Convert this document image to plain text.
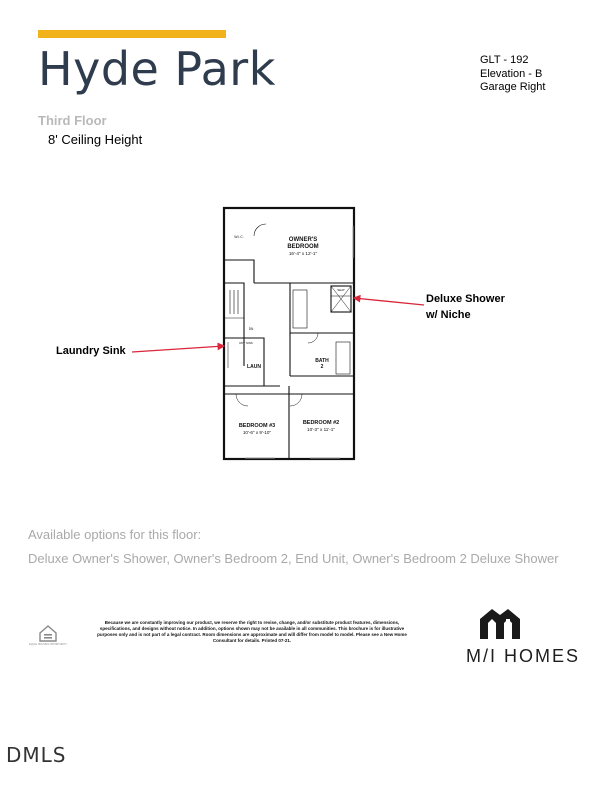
Hyde Park
Third Floor
8' Ceiling Height
GLT - 192
Elevation - B
Garage Right
OWNER'S
BEDROOM
16'-4" x 12'-1"
W.I.C.
SEAT
BATH
2
LAUN
OPT SINK
DN
BEDROOM #3
10'-6" x 9'-10"
BEDROOM #2
10'-3" x 11'-1"
Deluxe Shower
w/ Niche
Laundry Sink
Available options for this floor:
Deluxe Owner's Shower, Owner's Bedroom 2, End Unit, Owner's Bedroom 2 Deluxe Shower
EQUAL HOUSING OPPORTUNITY
Because we are constantly improving our product, we reserve the right to revise, change, and/or substitute product features, dimensions, specifications, and designs without notice. In addition, options shown may not be available in all communities. This brochure is for illustrative purposes only and is not part of a legal contract. Room dimensions are approximate and will differ from model to model. Please see a New Home Consultant for details. Printed 07-21.
M/I HOMES
DMLS
